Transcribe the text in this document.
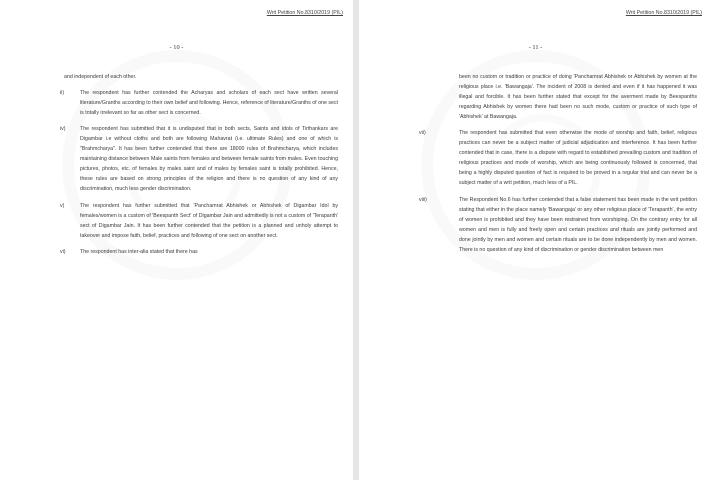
Writ Petition No.8310/2019 (PIL)
- 10 -
and independent of each other.
ii)	The respondent has further contended the Acharyas and scholars of each sect have written several literature/Granths according to their own belief and following. Hence, reference of literature/Granths of one sect is totally irrelevant so far as other sect is concerned.
iv)	The respondent has submitted that it is undisputed that in both sects, Saints and idols of Tirthankars are Digambar i.e without cloths and both are following Mahavrat (i.e. ultimate Rules) and one of which is "Brahmcharya". It has been further contended that there are 18000 rules of Brahmcharya, which includes maintaining distance between Male saints from females and between female saints from males. Even touching pictures, photos, etc. of females by males saint and of males by females saint is totally prohibited. Hence, these rules are based on strong principles of the religion and there is no question of any kind of any discrimination, much less gender discrimination.
v)	The respondent has further submitted that 'Panchamrat Abhishek or Abhishek of Digambar Idol by females/women is a custom of 'Beespanth Sect' of Digambar Jain and admittedly is not a custom of 'Terapanth' sect of Digambar Jain. It has been further contended that the petition is a planned and unholy attempt to takeover and impose faith, belief, practices and following of one sect on another sect.
vi)	The respondent has inter-alia stated that there has
Writ Petition No.8310/2019 (PIL)
- 11 -
been no custom or tradition or practice of doing 'Panchamrat Abhishek or Abhishek by women at the religious place i.e. 'Bawangaja'. The incident of 2008 is denied and even if it has happened it was illegal and forcible. It has been further stated that except for the averment made by Beespanths regarding Abhishek by women there had been no such mode, custom or practice of such type of 'Abhishek' at Bawangaja.
vii)	The respondent has submitted that even otherwise the mode of worship and faith, belief, religious practices can never be a subject matter of judicial adjudication and interference. It has been further contended that in case, there is a dispute with regard to established prevailing custom and tradition of religious practices and mode of worship, which are being continuously followed is concerned, that being a highly disputed question of fact is required to be proved in a regular trial and can never be a subject matter of a writ petition, much less of a PIL.
viii)	The Respondent No.6 has further contended that a false statement has been made in the writ petition stating that either in the place namely 'Bawangaja' or any other religious place of 'Terapanth', the entry of women is prohibited and they have been restrained from worshiping. On the contrary entry for all women and men is fully and freely open and certain practices and rituals are jointly performed and done jointly by men and women and certain rituals are to be done independently by men and women. There is no question of any kind of discrimination or gender discrimination between men
